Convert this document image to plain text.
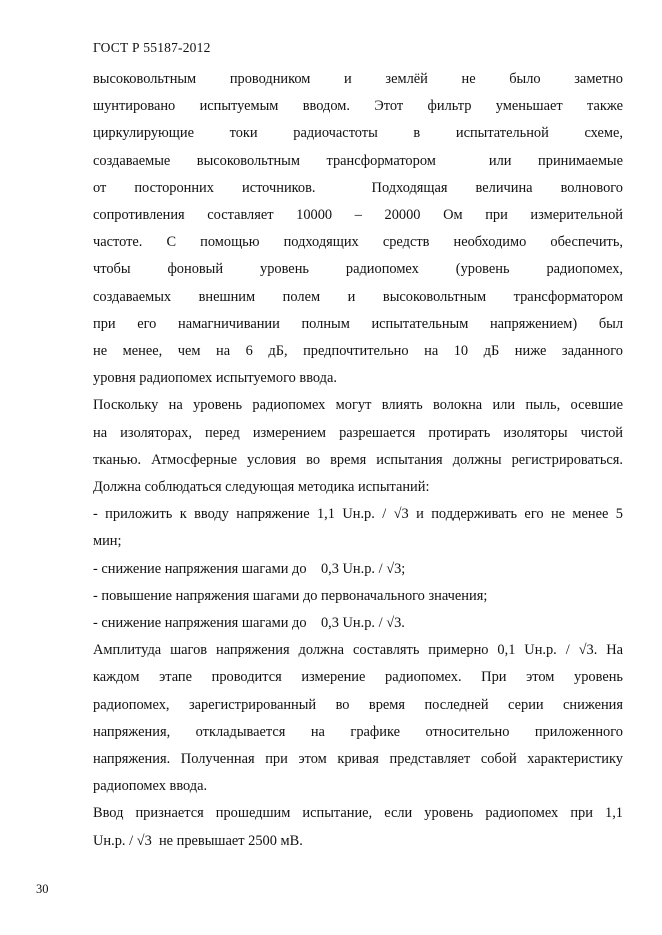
ГОСТ Р 55187-2012

высоковольтным проводником и землёй не было заметно

шунтировано испытуемым вводом. Этот фильтр уменьшает также

циркулирующие токи радиочастоты в испытательной схеме,

создаваемые высоковольтным трансформатором  или принимаемые

от посторонних источников.  Подходящая величина волнового

сопротивления составляет 10000 – 20000 Ом при измерительной

частоте. С помощью подходящих средств необходимо обеспечить,

чтобы фоновый уровень радиопомех (уровень радиопомех,

создаваемых внешним полем и высоковольтным трансформатором

при его намагничивании полным испытательным напряжением) был

не менее, чем на 6 дБ, предпочтительно на 10 дБ ниже заданного

уровня радиопомех испытуемого ввода.

Поскольку на уровень радиопомех могут влиять волокна или пыль, осевшие

на изоляторах, перед измерением разрешается протирать изоляторы чистой

тканью. Атмосферные условия во время испытания должны регистрироваться.

Должна соблюдаться следующая методика испытаний:

- приложить к вводу напряжение 1,1 Uн.р. / √3 и поддерживать его не менее 5

мин;

- снижение напряжения шагами до    0,3 Uн.р. / √3;

- повышение напряжения шагами до первоначального значения;

- снижение напряжения шагами до    0,3 Uн.р. / √3.

Амплитуда шагов напряжения должна составлять примерно 0,1 Uн.р. / √3. На

каждом этапе проводится измерение радиопомех. При этом уровень

радиопомех, зарегистрированный во время последней серии снижения

напряжения, откладывается на графике относительно приложенного

напряжения. Полученная при этом кривая представляет собой характеристику

радиопомех ввода.

Ввод признается прошедшим испытание, если уровень радиопомех при 1,1

Uн.р. / √3  не превышает 2500 мВ.

30
